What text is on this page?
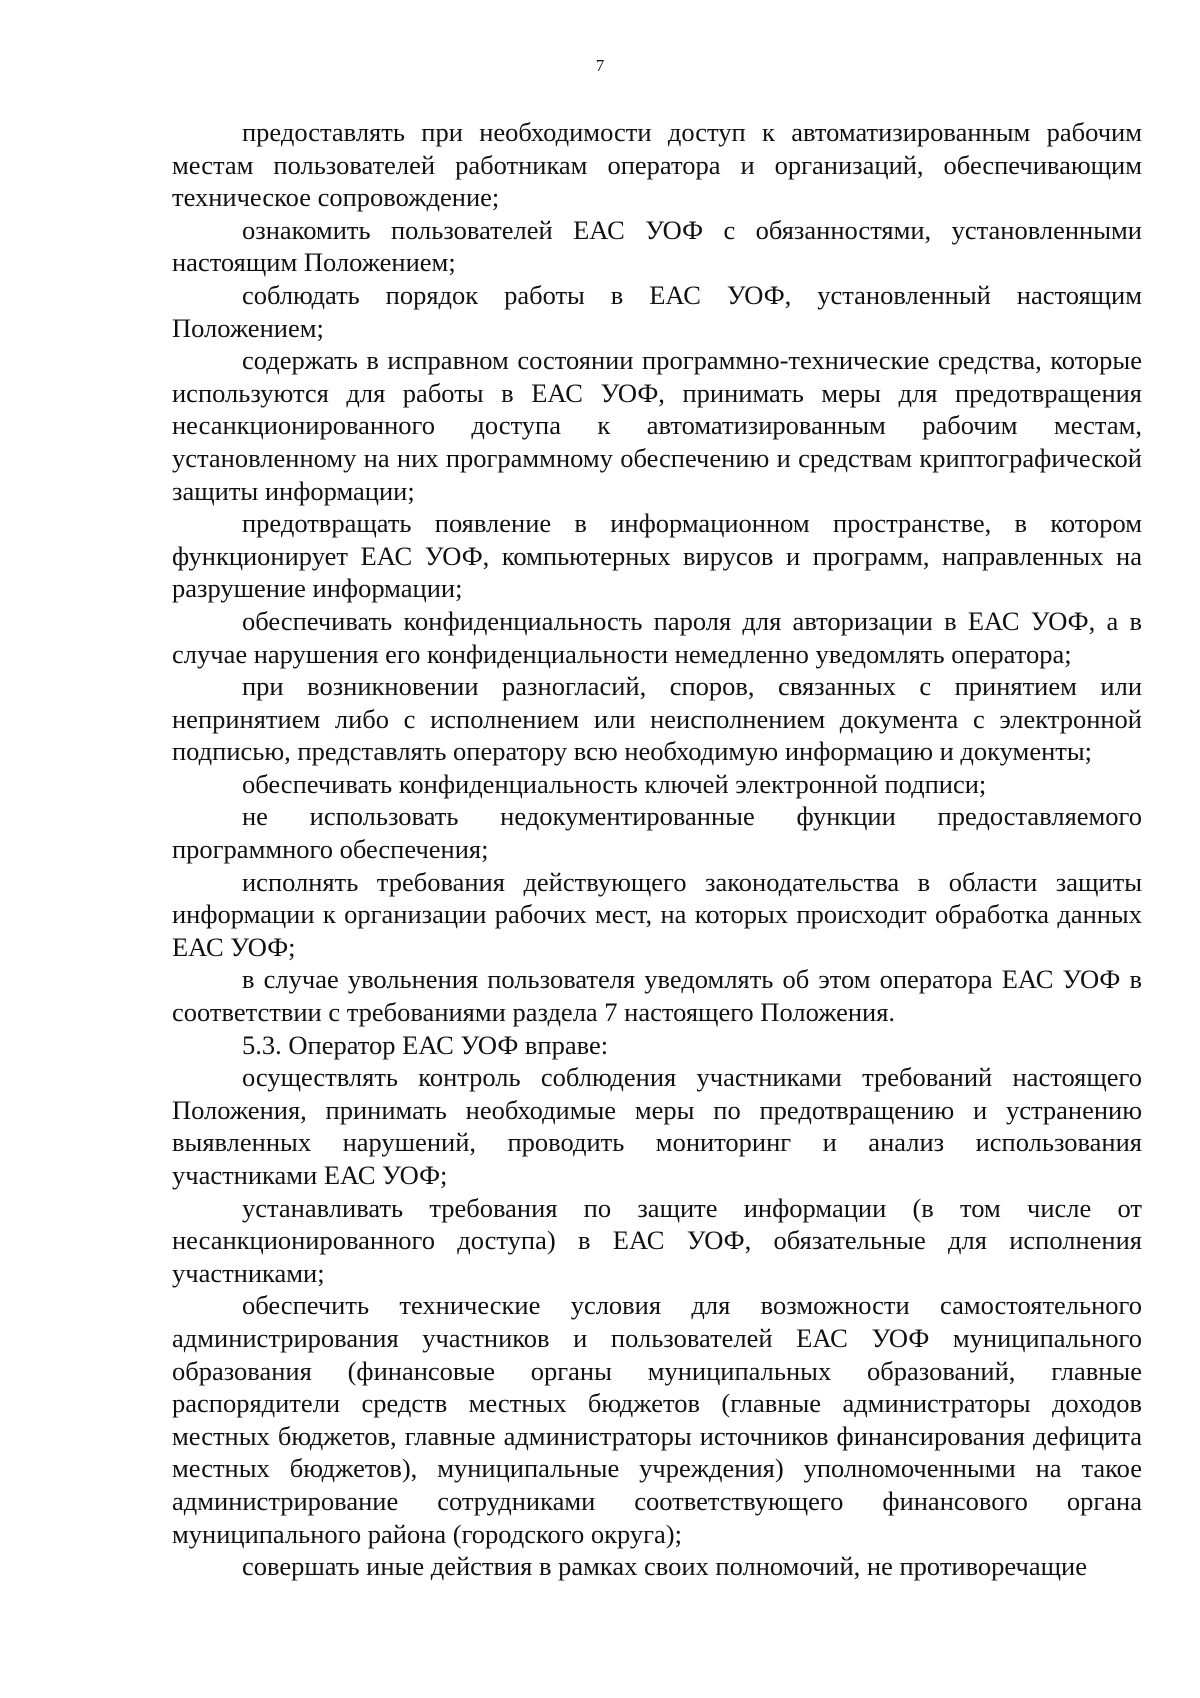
7

предоставлять при необходимости доступ к автоматизированным рабочим местам пользователей работникам оператора и организаций, обеспечивающим техническое сопровождение;

ознакомить пользователей ЕАС УОФ с обязанностями, установленными настоящим Положением;

соблюдать порядок работы в ЕАС УОФ, установленный настоящим Положением;

содержать в исправном состоянии программно-технические средства, которые используются для работы в ЕАС УОФ, принимать меры для предотвращения несанкционированного доступа к автоматизированным рабочим местам, установленному на них программному обеспечению и средствам криптографической защиты информации;

предотвращать появление в информационном пространстве, в котором функционирует ЕАС УОФ, компьютерных вирусов и программ, направленных на разрушение информации;

обеспечивать конфиденциальность пароля для авторизации в ЕАС УОФ, а в случае нарушения его конфиденциальности немедленно уведомлять оператора;

при возникновении разногласий, споров, связанных с принятием или непринятием либо с исполнением или неисполнением документа с электронной подписью, представлять оператору всю необходимую информацию и документы;

обеспечивать конфиденциальность ключей электронной подписи;

не использовать недокументированные функции предоставляемого программного обеспечения;

исполнять требования действующего законодательства в области защиты информации к организации рабочих мест, на которых происходит обработка данных ЕАС УОФ;

в случае увольнения пользователя уведомлять об этом оператора ЕАС УОФ в соответствии с требованиями раздела 7 настоящего Положения.

5.3. Оператор ЕАС УОФ вправе:

осуществлять контроль соблюдения участниками требований настоящего Положения, принимать необходимые меры по предотвращению и устранению выявленных нарушений, проводить мониторинг и анализ использования участниками ЕАС УОФ;

устанавливать требования по защите информации (в том числе от несанкционированного доступа) в ЕАС УОФ, обязательные для исполнения участниками;

обеспечить технические условия для возможности самостоятельного администрирования участников и пользователей ЕАС УОФ муниципального образования (финансовые органы муниципальных образований, главные распорядители средств местных бюджетов (главные администраторы доходов местных бюджетов, главные администраторы источников финансирования дефицита местных бюджетов), муниципальные учреждения) уполномоченными на такое администрирование сотрудниками соответствующего финансового органа муниципального района (городского округа);

совершать иные действия в рамках своих полномочий, не противоречащие
